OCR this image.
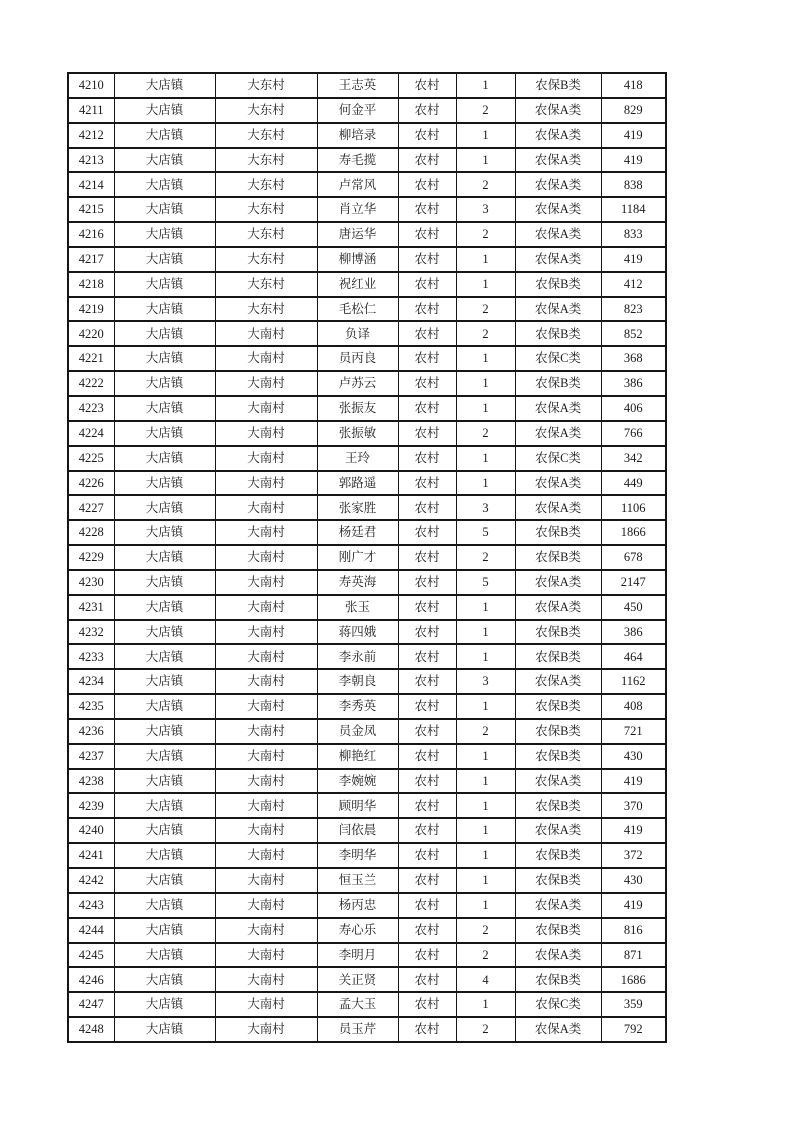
4210	大店镇	大东村	王志英	农村	1	农保B类	418
4211	大店镇	大东村	何金平	农村	2	农保A类	829
4212	大店镇	大东村	柳培录	农村	1	农保A类	419
4213	大店镇	大东村	寿毛揽	农村	1	农保A类	419
4214	大店镇	大东村	卢常风	农村	2	农保A类	838
4215	大店镇	大东村	肖立华	农村	3	农保A类	1184
4216	大店镇	大东村	唐运华	农村	2	农保A类	833
4217	大店镇	大东村	柳博涵	农村	1	农保A类	419
4218	大店镇	大东村	祝红业	农村	1	农保B类	412
4219	大店镇	大东村	毛松仁	农村	2	农保A类	823
4220	大店镇	大南村	负译	农村	2	农保B类	852
4221	大店镇	大南村	员丙良	农村	1	农保C类	368
4222	大店镇	大南村	卢苏云	农村	1	农保B类	386
4223	大店镇	大南村	张振友	农村	1	农保A类	406
4224	大店镇	大南村	张振敏	农村	2	农保A类	766
4225	大店镇	大南村	王玲	农村	1	农保C类	342
4226	大店镇	大南村	郭路遥	农村	1	农保A类	449
4227	大店镇	大南村	张家胜	农村	3	农保A类	1106
4228	大店镇	大南村	杨廷君	农村	5	农保B类	1866
4229	大店镇	大南村	刚广才	农村	2	农保B类	678
4230	大店镇	大南村	寿英海	农村	5	农保A类	2147
4231	大店镇	大南村	张玉	农村	1	农保A类	450
4232	大店镇	大南村	蒋四娥	农村	1	农保B类	386
4233	大店镇	大南村	李永前	农村	1	农保B类	464
4234	大店镇	大南村	李朝良	农村	3	农保A类	1162
4235	大店镇	大南村	李秀英	农村	1	农保B类	408
4236	大店镇	大南村	员金凤	农村	2	农保B类	721
4237	大店镇	大南村	柳艳红	农村	1	农保B类	430
4238	大店镇	大南村	李婉婉	农村	1	农保A类	419
4239	大店镇	大南村	顾明华	农村	1	农保B类	370
4240	大店镇	大南村	闫依晨	农村	1	农保A类	419
4241	大店镇	大南村	李明华	农村	1	农保B类	372
4242	大店镇	大南村	恒玉兰	农村	1	农保B类	430
4243	大店镇	大南村	杨丙忠	农村	1	农保A类	419
4244	大店镇	大南村	寿心乐	农村	2	农保B类	816
4245	大店镇	大南村	李明月	农村	2	农保A类	871
4246	大店镇	大南村	关正贤	农村	4	农保B类	1686
4247	大店镇	大南村	孟大玉	农村	1	农保C类	359
4248	大店镇	大南村	员玉芹	农村	2	农保A类	792
